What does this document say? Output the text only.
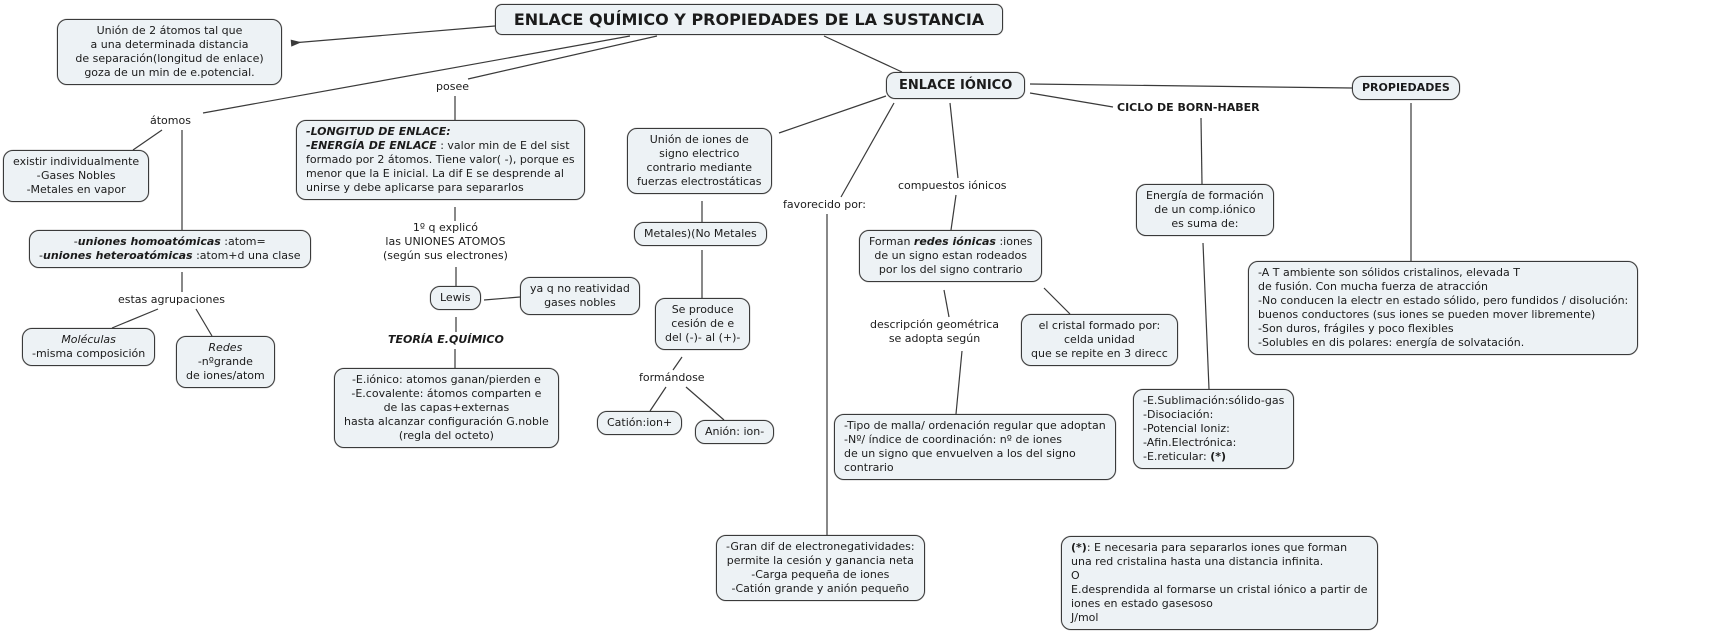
ENLACE QUÍMICO Y PROPIEDADES DE LA SUSTANCIA
Unión de 2 átomos tal que
a una determinada distancia
de separación(longitud de enlace)
goza de un min de e.potencial.
átomos
existir individualmente
-Gases Nobles
-Metales en vapor
-uniones homoatómicas :atom=
-uniones heteroatómicas :atom+d una clase
estas agrupaciones
Moléculas
-misma composición	Redes
-nºgrande
de iones/atom
posee
-LONGITUD DE ENLACE:
-ENERGÍA DE ENLACE : valor min de E del sist
formado por 2 átomos. Tiene valor( -), porque es
menor que la E inicial. La dif E se desprende al
unirse y debe aplicarse para separarlos
1º q explicó
las UNIONES ATOMOS
(según sus electrones)
Lewis
ya q no reatividad
gases nobles
TEORÍA E.QUÍMICO
-E.iónico: atomos ganan/pierden e
-E.covalente: átomos comparten e
de las capas+externas
hasta alcanzar configuración G.noble
(regla del octeto)
Unión de iones de
signo electrico
contrario mediante
fuerzas electrostáticas
Metales)(No Metales
Se produce
cesión de e
del (-)- al (+)-
formándose
Catión:ion+
Anión: ion-
ENLACE IÓNICO
favorecido por:
compuestos iónicos
Forman redes iónicas :iones
de un signo estan rodeados
por los del signo contrario
descripción geométrica
se adopta según
el cristal formado por:
celda unidad
que se repite en 3 direcc
-Tipo de malla/ ordenación regular que adoptan
-Nº/ índice de coordinación: nº de iones
de un signo que envuelven a los del signo
contrario
-Gran dif de electronegatividades:
permite la cesión y ganancia neta
-Carga pequeña de iones
-Catión grande y anión pequeño
CICLO DE BORN-HABER
Energía de formación
de un comp.iónico
es suma de:
-E.Sublimación:sólido-gas
-Disociación:
-Potencial Ioniz:
-Afin.Electrónica:
-E.reticular: (*)
PROPIEDADES
-A T ambiente son sólidos cristalinos, elevada T
de fusión. Con mucha fuerza de atracción
-No conducen la electr en estado sólido, pero fundidos / disolución:
buenos conductores (sus iones se pueden mover libremente)
-Son duros, frágiles y poco flexibles
-Solubles en dis polares: energía de solvatación.
(*): E necesaria para separarlos iones que forman
una red cristalina hasta una distancia infinita.
O
E.desprendida al formarse un cristal iónico a partir de
iones en estado gasesoso
J/mol
